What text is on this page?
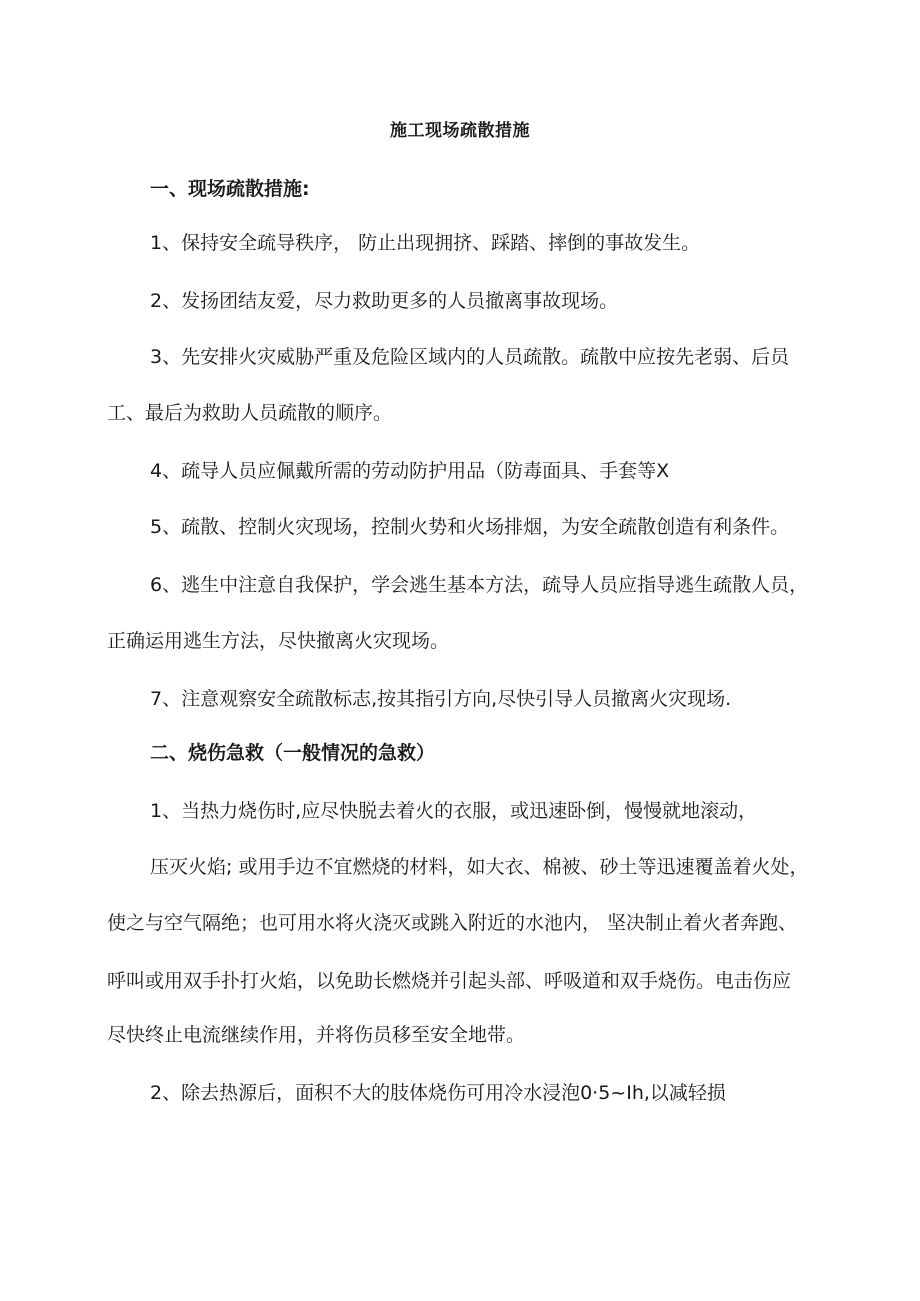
施工现场疏散措施
一、现场疏散措施:
1、保持安全疏导秩序， 防止出现拥挤、踩踏、摔倒的事故发生。
2、发扬团结友爱，尽力救助更多的人员撤离事故现场。
3、先安排火灾威胁严重及危险区域内的人员疏散。疏散中应按先老弱、后员
工、最后为救助人员疏散的顺序。
4、疏导人员应佩戴所需的劳动防护用品（防毒面具、手套等X
5、疏散、控制火灾现场，控制火势和火场排烟，为安全疏散创造有利条件。
6、逃生中注意自我保护，学会逃生基本方法，疏导人员应指导逃生疏散人员，
正确运用逃生方法，尽快撤离火灾现场。
7、注意观察安全疏散标志,按其指引方向,尽快引导人员撤离火灾现场.
二、烧伤急救（一般情况的急救）
1、当热力烧伤时,应尽快脱去着火的衣服，或迅速卧倒，慢慢就地滚动，
压灭火焰; 或用手边不宜燃烧的材料，如大衣、棉被、砂土等迅速覆盖着火处，
使之与空气隔绝；也可用水将火浇灭或跳入附近的水池内， 坚决制止着火者奔跑、
呼叫或用双手扑打火焰，以免助长燃烧并引起头部、呼吸道和双手烧伤。电击伤应
尽快终止电流继续作用，并将伤员移至安全地带。
2、除去热源后，面积不大的肢体烧伤可用冷水浸泡0·5~Ih,以减轻损
